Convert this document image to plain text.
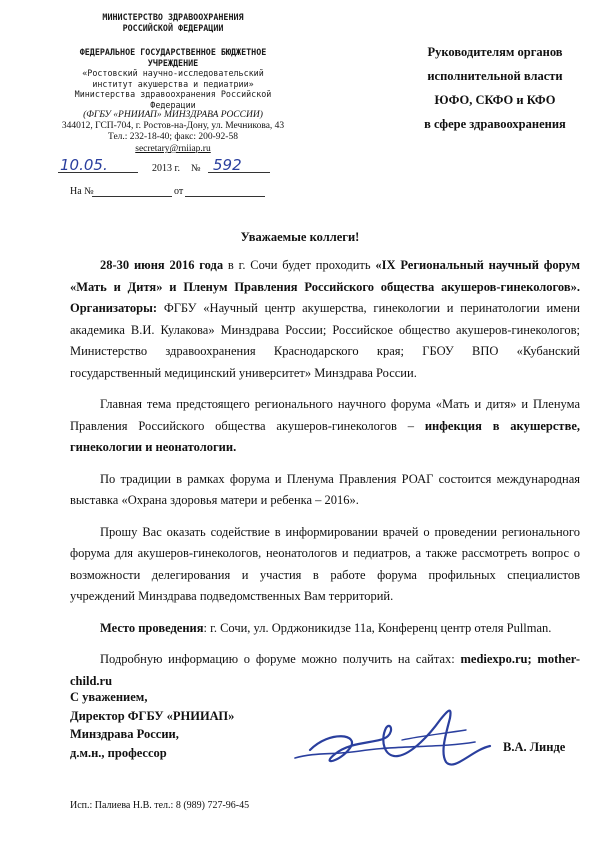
МИНИСТЕРСТВО ЗДРАВООХРАНЕНИЯ
РОССИЙСКОЙ ФЕДЕРАЦИИ
ФЕДЕРАЛЬНОЕ ГОСУДАРСТВЕННОЕ БЮДЖЕТНОЕ
УЧРЕЖДЕНИЕ
«Ростовский научно-исследовательский
институт акушерства и педиатрии»
Министерства здравоохранения Российской
Федерации
(ФГБУ «РНИИАП» МИНЗДРАВА РОССИИ)
344012, ГСП-704, г. Ростов-на-Дону, ул. Мечникова, 43
Тел.: 232-18-40; факс: 200-92-58
secretary@rniiap.ru
10.05.	2013 г. № 592
На №	от
Руководителям органов
исполнительной власти
ЮФО, СКФО и КФО
в сфере здравоохранения
Уважаемые коллеги!

28-30 июня 2016 года в г. Сочи будет проходить «IX Региональный научный форум «Мать и Дитя» и Пленум Правления Российского общества акушеров-гинекологов». Организаторы: ФГБУ «Научный центр акушерства, гинекологии и перинатологии имени академика В.И. Кулакова» Минздрава России; Российское общество акушеров-гинекологов; Министерство здравоохранения Краснодарского края; ГБОУ ВПО «Кубанский государственный медицинский университет» Минздрава России.

Главная тема предстоящего регионального научного форума «Мать и дитя» и Пленума Правления Российского общества акушеров-гинекологов – инфекция в акушерстве, гинекологии и неонатологии.

По традиции в рамках форума и Пленума Правления РОАГ состоится международная выставка «Охрана здоровья матери и ребенка – 2016».

Прошу Вас оказать содействие в информировании врачей о проведении регионального форума для акушеров-гинекологов, неонатологов и педиатров, а также рассмотреть вопрос о возможности делегирования и участия в работе форума профильных специалистов учреждений Минздрава подведомственных Вам территорий.

Место проведения: г. Сочи, ул. Орджоникидзе 11а, Конференц центр отеля Pullman.

Подробную информацию о форуме можно получить на сайтах: mediexpo.ru; mother-child.ru

С уважением,
Директор ФГБУ «РНИИАП»
Минздрава России,
д.м.н., профессор	В.А. Линде
Исп.: Палиева Н.В. тел.: 8 (989) 727-96-45
